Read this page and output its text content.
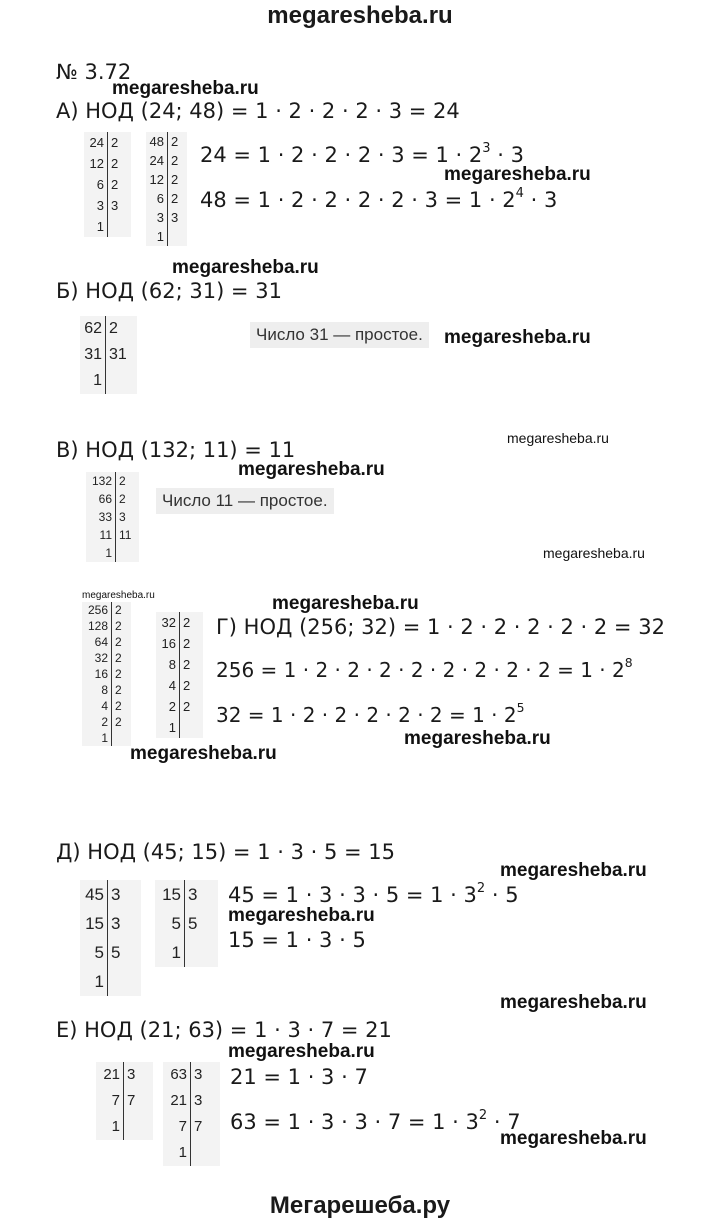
megaresheba.ru
Мегарешеба.ру
№ 3.72
А) НОД (24; 48) = 1 · 2 · 2 · 2 · 3 = 24
24 2
12 2
6 2
3 3
1
48 2
24 2
12 2
6 2
3 3
1
$24 = 1 \cdot 2 \cdot 2 \cdot 2 \cdot 3 = 1 \cdot 2^3 \cdot 3$
$48 = 1 \cdot 2 \cdot 2 \cdot 2 \cdot 2 \cdot 3 = 1 \cdot 2^4 \cdot 3$
Б) НОД (62; 31) = 31
62 2
31 31
1
Число 31 — простое.
В) НОД (132; 11) = 11
132 2
66 2
33 3
11 11
1
Число 11 — простое.
256 2
128 2
64 2
32 2
16 2
8 2
4 2
2 2
1
32 2
16 2
8 2
4 2
2 2
1
Г) НОД (256; 32) = 1 · 2 · 2 · 2 · 2 · 2 = 32
$256 = 1 \cdot 2 \cdot 2 \cdot 2 \cdot 2 \cdot 2 \cdot 2 \cdot 2 \cdot 2 = 1 \cdot 2^8$
$32 = 1 \cdot 2 \cdot 2 \cdot 2 \cdot 2 \cdot 2 = 1 \cdot 2^5$
Д) НОД (45; 15) = 1 · 3 · 5 = 15
45 3
15 3
5 5
1
15 3
5 5
1
$45 = 1 \cdot 3 \cdot 3 \cdot 5 = 1 \cdot 3^2 \cdot 5$
15 = 1 · 3 · 5
Е) НОД (21; 63) = 1 · 3 · 7 = 21
21 3
7 7
1
63 3
21 3
7 7
1
21 = 1 · 3 · 7
$63 = 1 \cdot 3 \cdot 3 \cdot 7 = 1 \cdot 3^2 \cdot 7$
megaresheba.ru
megaresheba.ru
megaresheba.ru
megaresheba.ru
megaresheba.ru
megaresheba.ru
megaresheba.ru
megaresheba.ru	megaresheba.ru
megaresheba.ru
megaresheba.ru
megaresheba.ru
megaresheba.ru
megaresheba.ru
megaresheba.ru
megaresheba.ru
